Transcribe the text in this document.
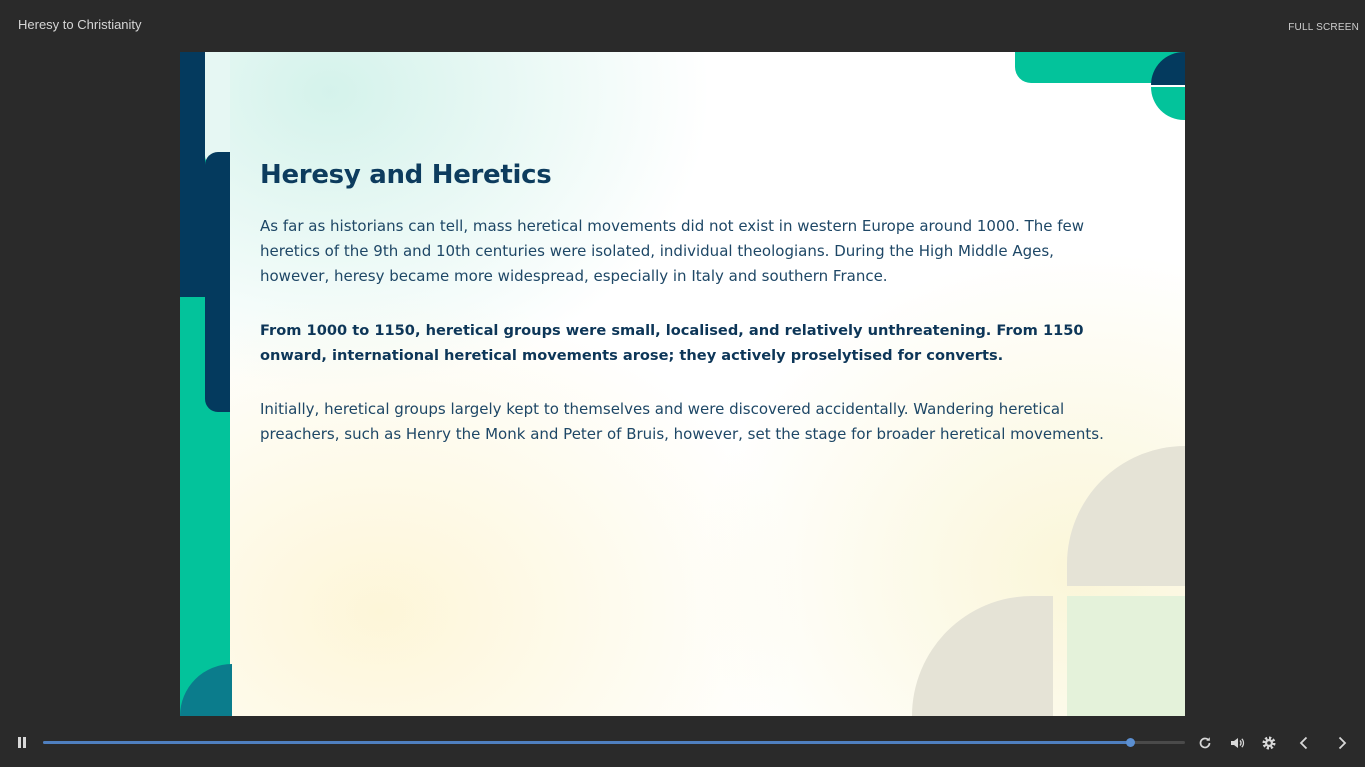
Heresy to Christianity	FULL SCREEN
Heresy and Heretics

As far as historians can tell, mass heretical movements did not exist in western Europe around 1000. The few heretics of the 9th and 10th centuries were isolated, individual theologians. During the High Middle Ages, however, heresy became more widespread, especially in Italy and southern France.

From 1000 to 1150, heretical groups were small, localised, and relatively unthreatening. From 1150 onward, international heretical movements arose; they actively proselytised for converts.

Initially, heretical groups largely kept to themselves and were discovered accidentally. Wandering heretical preachers, such as Henry the Monk and Peter of Bruis, however, set the stage for broader heretical movements.
